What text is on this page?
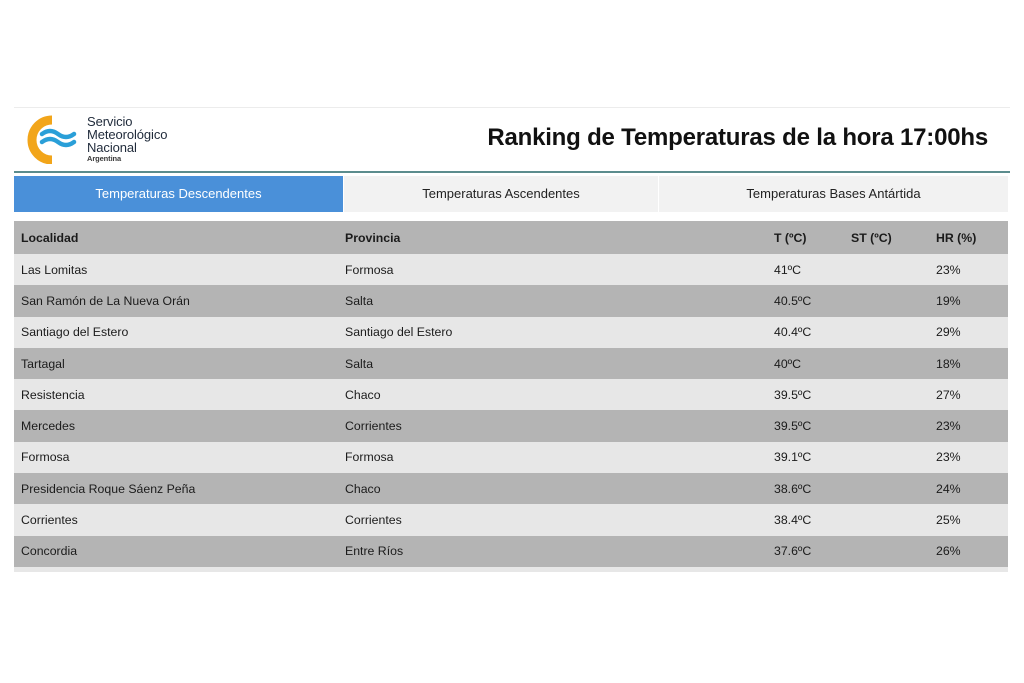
Servicio
Meteorológico
Nacional
Argentina
Ranking de Temperaturas de la hora 17:00hs
Temperaturas Descendentes	Temperaturas Ascendentes	Temperaturas Bases Antártida
Localidad	Provincia	T (ºC)	ST (ºC)	HR (%)
Las Lomitas	Formosa	41ºC		23%
San Ramón de La Nueva Orán	Salta	40.5ºC		19%
Santiago del Estero	Santiago del Estero	40.4ºC		29%
Tartagal	Salta	40ºC		18%
Resistencia	Chaco	39.5ºC		27%
Mercedes	Corrientes	39.5ºC		23%
Formosa	Formosa	39.1ºC		23%
Presidencia Roque Sáenz Peña	Chaco	38.6ºC		24%
Corrientes	Corrientes	38.4ºC		25%
Concordia	Entre Ríos	37.6ºC		26%
